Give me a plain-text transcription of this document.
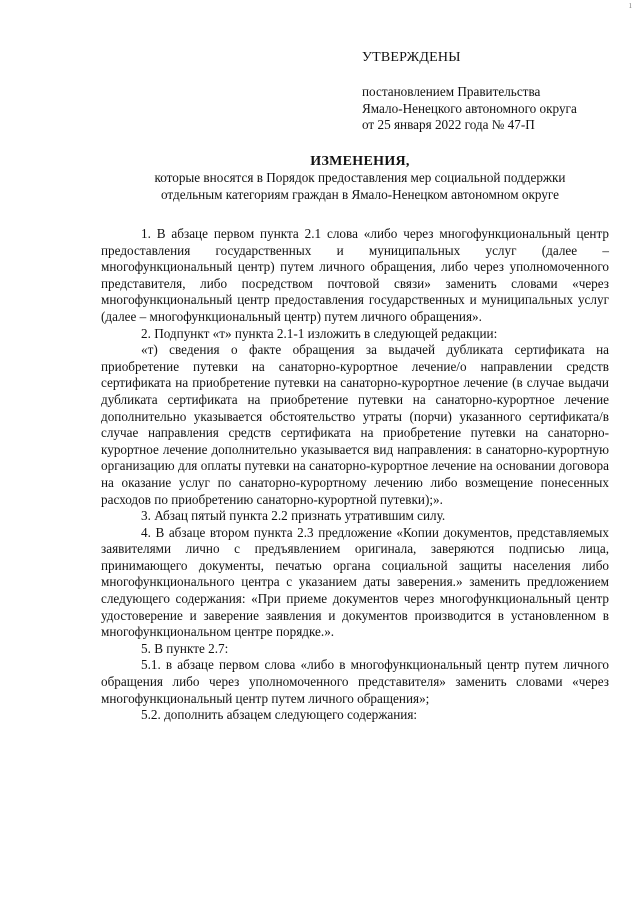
1
УТВЕРЖДЕНЫ
постановлением Правительства
Ямало-Ненецкого автономного округа
от 25 января 2022 года № 47-П
ИЗМЕНЕНИЯ,
которые вносятся в Порядок предоставления мер социальной поддержки
отдельным категориям граждан в Ямало-Ненецком автономном округе

1. В абзаце первом пункта 2.1 слова «либо через многофункциональный центр предоставления государственных и муниципальных услуг (далее – многофункциональный центр) путем личного обращения, либо через уполномоченного представителя, либо посредством почтовой связи» заменить словами «через многофункциональный центр предоставления государственных и муниципальных услуг (далее – многофункциональный центр) путем личного обращения».

2. Подпункт «т» пункта 2.1-1 изложить в следующей редакции:

«т) сведения о факте обращения за выдачей дубликата сертификата на приобретение путевки на санаторно-курортное лечение/о направлении средств сертификата на приобретение путевки на санаторно-курортное лечение (в случае выдачи дубликата сертификата на приобретение путевки на санаторно-курортное лечение дополнительно указывается обстоятельство утраты (порчи) указанного сертификата/в случае направления средств сертификата на приобретение путевки на санаторно-курортное лечение дополнительно указывается вид направления: в санаторно-курортную организацию для оплаты путевки на санаторно-курортное лечение на основании договора на оказание услуг по санаторно-курортному лечению либо возмещение понесенных расходов по приобретению санаторно-курортной путевки);».

3. Абзац пятый пункта 2.2 признать утратившим силу.

4. В абзаце втором пункта 2.3 предложение «Копии документов, представляемых заявителями лично с предъявлением оригинала, заверяются подписью лица, принимающего документы, печатью органа социальной защиты населения либо многофункционального центра с указанием даты заверения.» заменить предложением следующего содержания: «При приеме документов через многофункциональный центр удостоверение и заверение заявления и документов производится в установленном в многофункциональном центре порядке.».

5. В пункте 2.7:

5.1. в абзаце первом слова «либо в многофункциональный центр путем личного обращения либо через уполномоченного представителя» заменить словами «через многофункциональный центр путем личного обращения»;

5.2. дополнить абзацем следующего содержания:
